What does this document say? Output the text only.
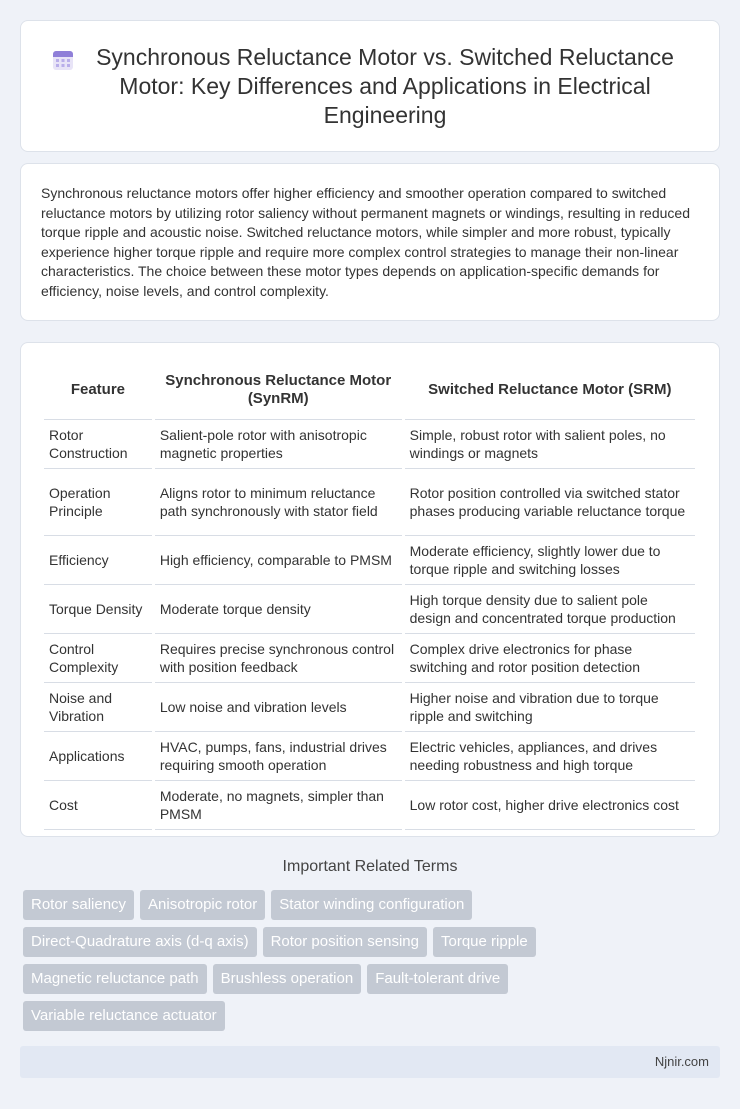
Synchronous Reluctance Motor vs. Switched Reluctance Motor: Key Differences and Applications in Electrical Engineering

Synchronous reluctance motors offer higher efficiency and smoother operation compared to switched reluctance motors by utilizing rotor saliency without permanent magnets or windings, resulting in reduced torque ripple and acoustic noise. Switched reluctance motors, while simpler and more robust, typically experience higher torque ripple and require more complex control strategies to manage their non-linear characteristics. The choice between these motor types depends on application-specific demands for efficiency, noise levels, and control complexity.

Feature	Synchronous Reluctance Motor (SynRM)	Switched Reluctance Motor (SRM)
Rotor Construction	Salient-pole rotor with anisotropic magnetic properties	Simple, robust rotor with salient poles, no windings or magnets
Operation Principle	Aligns rotor to minimum reluctance path synchronously with stator field	Rotor position controlled via switched stator phases producing variable reluctance torque
Efficiency	High efficiency, comparable to PMSM	Moderate efficiency, slightly lower due to torque ripple and switching losses
Torque Density	Moderate torque density	High torque density due to salient pole design and concentrated torque production
Control Complexity	Requires precise synchronous control with position feedback	Complex drive electronics for phase switching and rotor position detection
Noise and Vibration	Low noise and vibration levels	Higher noise and vibration due to torque ripple and switching
Applications	HVAC, pumps, fans, industrial drives requiring smooth operation	Electric vehicles, appliances, and drives needing robustness and high torque
Cost	Moderate, no magnets, simpler than PMSM	Low rotor cost, higher drive electronics cost
Important Related Terms
Rotor saliency	Anisotropic rotor	Stator winding configuration
Direct-Quadrature axis (d-q axis)	Rotor position sensing	Torque ripple
Magnetic reluctance path	Brushless operation	Fault-tolerant drive
Variable reluctance actuator
Njnir.com
